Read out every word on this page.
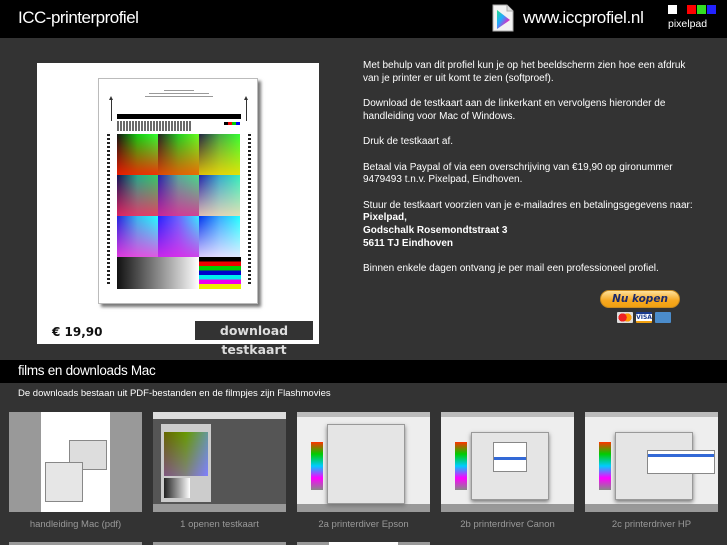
ICC-printerprofiel	www.iccprofiel.nl pixelpad
€ 19,90	download testkaart

Met behulp van dit profiel kun je op het beeldscherm zien hoe een afdruk van je printer er uit komt te zien (softproef).

Download de testkaart aan de linkerkant en vervolgens hieronder de handleiding voor Mac of Windows.

Druk de testkaart af.

Betaal via Paypal of via een overschrijving van €19,90 op gironummer 9479493 t.n.v. Pixelpad, Eindhoven.

Stuur de testkaart voorzien van je e-mailadres en betalingsgegevens naar:
Pixelpad,
Godschalk Rosemondtstraat 3

5611 TJ Eindhoven

Binnen enkele dagen ontvang je per mail een professioneel profiel.

Nu kopen
VISA
films en downloads Mac
De downloads bestaan uit PDF-bestanden en de filmpjes zijn Flashmovies
handleiding Mac (pdf)	1 openen testkaart	2a printerdiver Epson	2b printerdriver Canon	2c printerdriver HP
